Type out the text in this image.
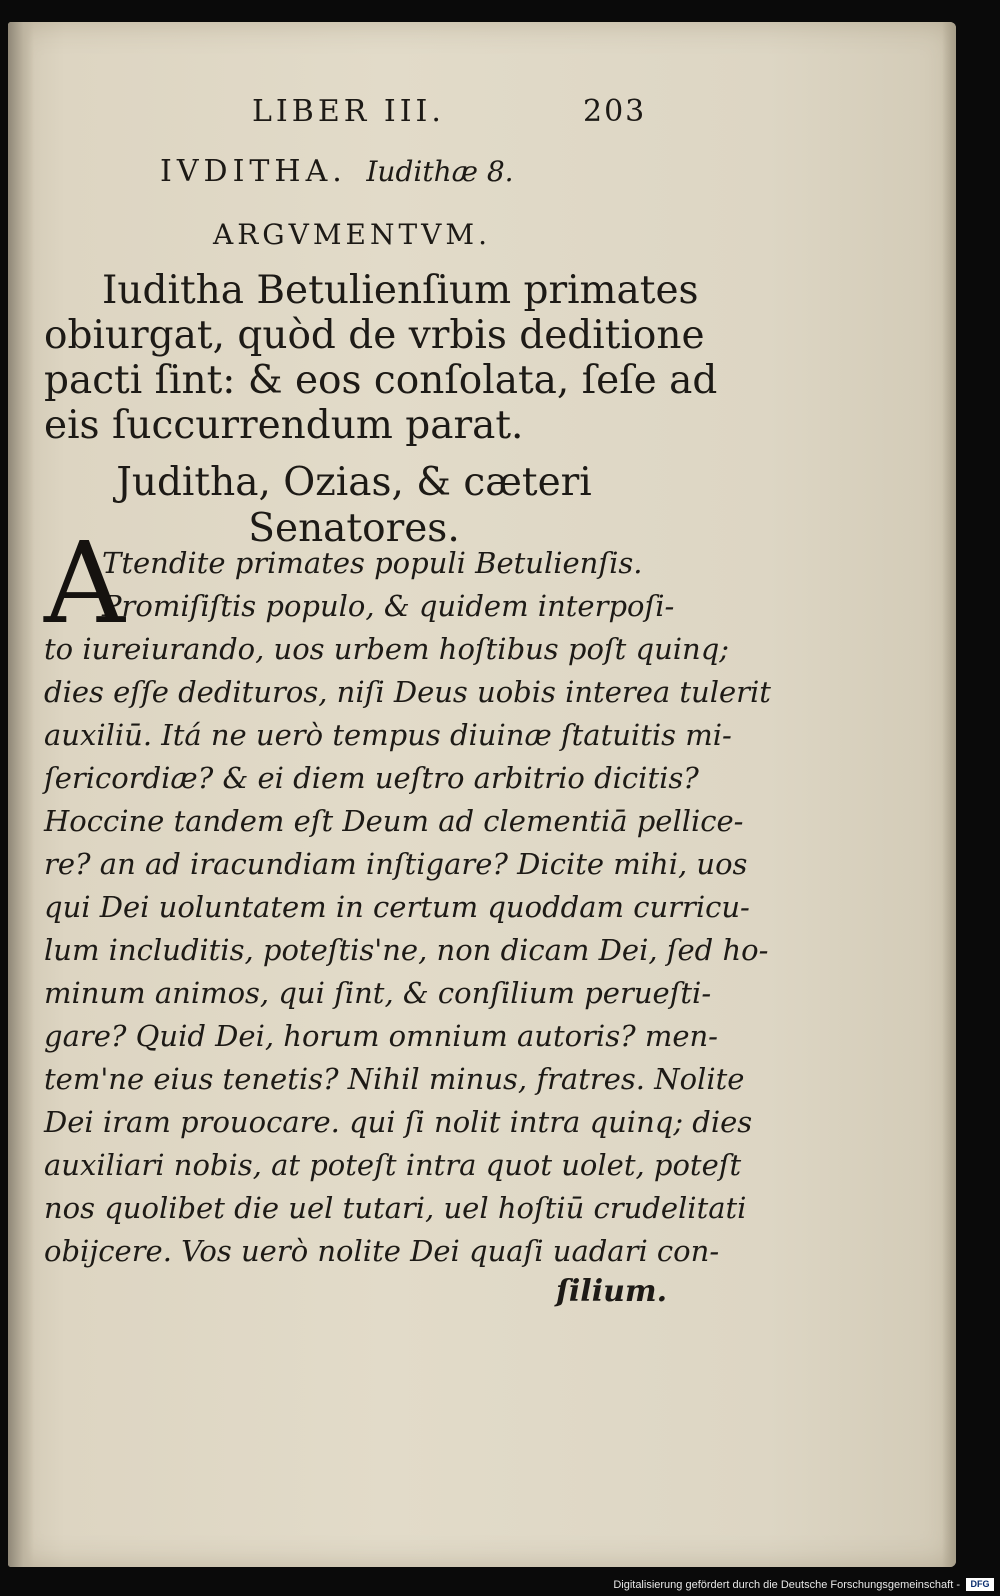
LIBER III.	203
IVDITHA. Iudithæ 8.
ARGVMENTVM.
Iuditha Betulienſium primates
obiurgat, quòd de vrbis deditione
pacti ſint: & eos conſolata, ſeſe ad
eis ſuccurrendum parat.
Juditha, Ozias, & cæteri
Senatores.
A
Ttendite primates populi Betulienſis.
Promiſiſtis populo, & quidem interpoſi-
to iureiurando, uos urbem hoſtibus poſt quinq;
dies eſſe dedituros, niſi Deus uobis interea tulerit
auxiliū. Itá ne uerò tempus diuinæ ſtatuitis mi-
ſericordiæ? & ei diem ueſtro arbitrio dicitis?
Hoccine tandem eſt Deum ad clementiā pellice-
re? an ad iracundiam inſtigare? Dicite mihi, uos
qui Dei uoluntatem in certum quoddam curricu-
lum includitis, poteſtis'ne, non dicam Dei, ſed ho-
minum animos, qui ſint, & conſilium perueſti-
gare? Quid Dei, horum omnium autoris? men-
tem'ne eius tenetis? Nihil minus, fratres. Nolite
Dei iram prouocare. qui ſi nolit intra quinq; dies
auxiliari nobis, at poteſt intra quot uolet, poteſt
nos quolibet die uel tutari, uel hoſtiū crudelitati
obijcere. Vos uerò nolite Dei quaſi uadari con-
ſilium.
Digitalisierung gefördert durch die Deutsche Forschungsgemeinschaft -	DFG
